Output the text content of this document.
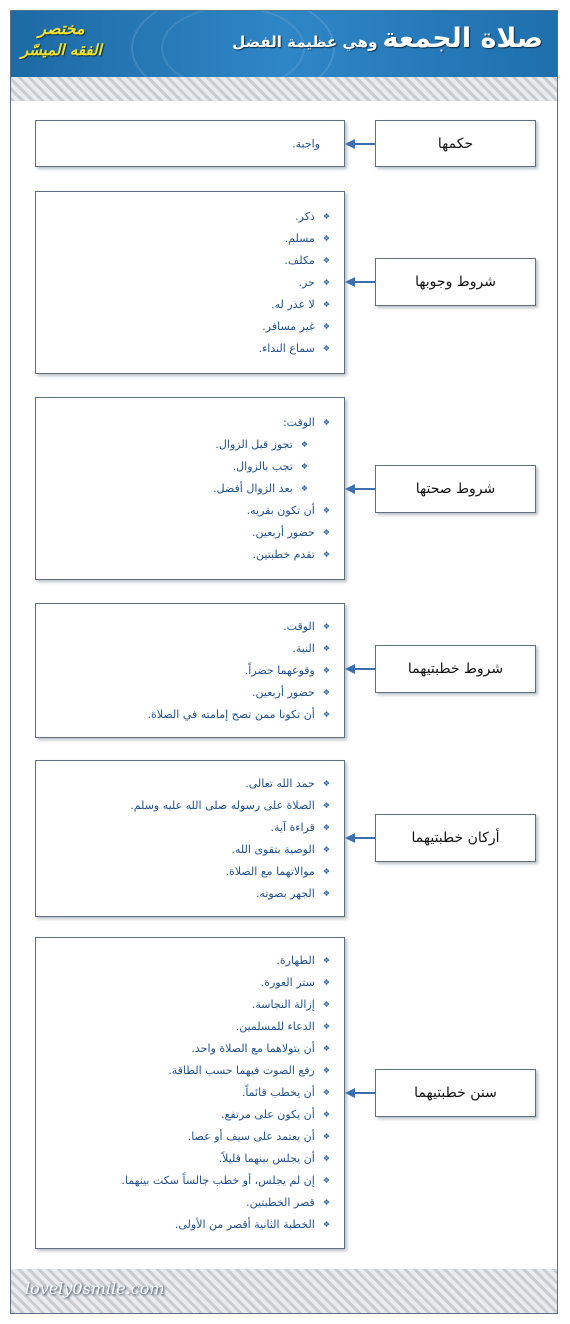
صلاة الجمعة وهي عظيمة الفضل
مختصر
الفقه الميسّر
واجبة.	حكمها
❖ ذكر.
❖ مسلم.
❖ مكلف.
❖ حر.
❖ لا عذر له.
❖ غير مسافر.
❖ سماع النداء.
شروط وجوبها
❖ الوقت:
❖ تجوز قبل الزوال.
❖ تجب بالزوال.
❖ بعد الزوال أفضل.
❖ أن تكون بقريه.
❖ حضور أربعين.
❖ تقدم خطبتين.
شروط صحتها
❖ الوقت.
❖ النية.
❖ وقوعهما حضراً.
❖ حضور أربعين.
❖ أن تكونا ممن تصح إمامته في الصلاة.
شروط خطبتيهما
❖ حمد الله تعالى.
❖ الصلاة على رسوله صلى الله عليه وسلم.
❖ قراءة آية.
❖ الوصية بتقوى الله.
❖ موالاتهما مع الصلاة.
❖ الجهر بصوته.
أركان خطبتيهما
❖ الطهارة.
❖ ستر العورة.
❖ إزالة النجاسة.
❖ الدعاء للمسلمين.
❖ أن يتولاهما مع الصلاة واحد.
❖ رفع الصوت فيهما حسب الطاقة.
❖ أن يخطب قائماً.
❖ أن يكون على مرتفع.
❖ أن يعتمد على سيف أو عصا.
❖ أن يجلس بينهما قليلاً.
❖ إن لم يجلس، أو خطب جالساً سكت بينهما.
❖ قصر الخطبتين.
❖ الخطبة الثانية أقصر من الأولى.
سنن خطبتيهما
lovely0smile.com
